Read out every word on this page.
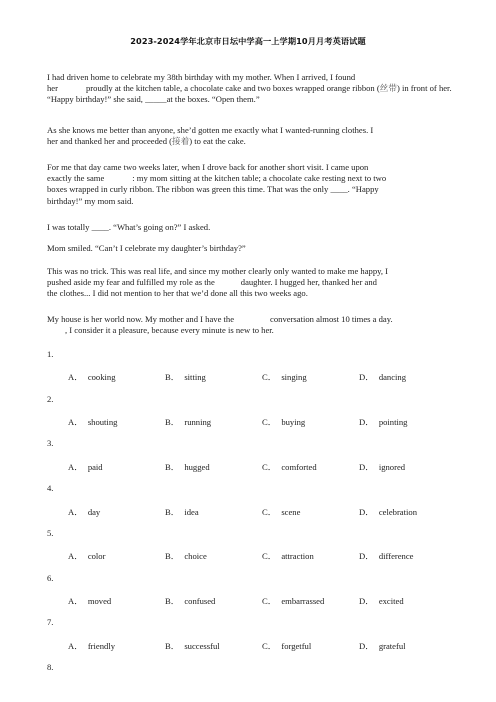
2023-2024学年北京市日坛中学高一上学期10月月考英语试题
I had driven home to celebrate my 38th birthday with my mother. When I arrived, I found
her	proudly at the kitchen table, a chocolate cake and two boxes wrapped orange ribbon (丝带) in front of her. “Happy birthday!” she said, _____at the boxes. “Open them.”
As she knows me better than anyone, she’d gotten me exactly what I wanted-running clothes. I
her and thanked her and proceeded (接着) to eat the cake.
For me that day came two weeks later, when I drove back for another short visit. I came upon
exactly the same	: my mom sitting at the kitchen table; a chocolate cake resting next to two
boxes wrapped in curly ribbon. The ribbon was green this time. That was the only ____. “Happy
birthday!” my mom said.
I was totally ____. “What’s going on?” I asked.
Mom smiled. “Can’t I celebrate my daughter’s birthday?”
This was no trick. This was real life, and since my mother clearly only wanted to make me happy, I
pushed aside my fear and fulfilled my role as the	daughter. I hugged her, thanked her and
the clothes... I did not mention to her that we’d done all this two weeks ago.
My house is her world now. My mother and I have the	conversation almost 10 times a day.
, I consider it a pleasure, because every minute is new to her.
1.
A． cooking	B． sitting	C． singing	D． dancing
2.
A． shouting	B． running	C． buying	D． pointing
3.
A． paid	B． hugged	C． comforted	D． ignored
4.
A． day	B． idea	C． scene	D． celebration
5.
A． color	B． choice	C． attraction	D． difference
6.
A． moved	B． confused	C． embarrassed	D． excited
7.
A． friendly	B． successful	C． forgetful	D． grateful
8.
